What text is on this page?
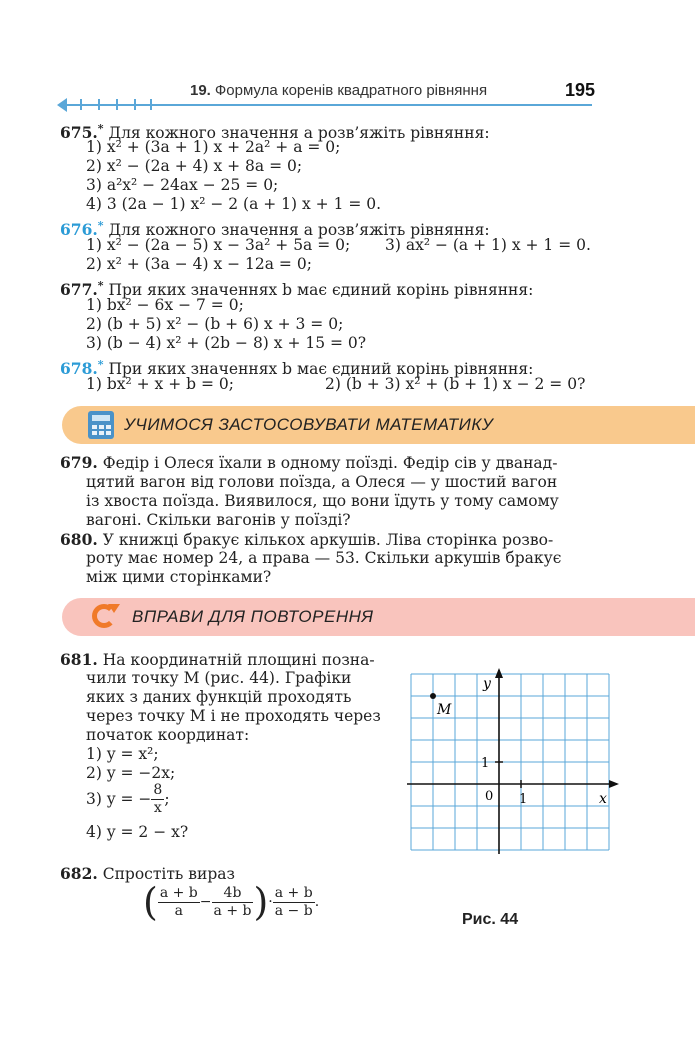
19. Формула коренів квадратного рівняння	195
675.* Для кожного значення a розв’яжіть рівняння:
1) x² + (3a + 1) x + 2a² + a = 0;
2) x² − (2a + 4) x + 8a = 0;
3) a²x² − 24ax − 25 = 0;
4) 3 (2a − 1) x² − 2 (a + 1) x + 1 = 0.
676.* Для кожного значення a розв’яжіть рівняння:
1) x² − (2a − 5) x − 3a² + 5a = 0; 3) ax² − (a + 1) x + 1 = 0.
2) x² + (3a − 4) x − 12a = 0;
677.* При яких значеннях b має єдиний корінь рівняння:
1) bx² − 6x − 7 = 0;
2) (b + 5) x² − (b + 6) x + 3 = 0;
3) (b − 4) x² + (2b − 8) x + 15 = 0?
678.* При яких значеннях b має єдиний корінь рівняння:
1) bx² + x + b = 0;	2) (b + 3) x² + (b + 1) x − 2 = 0?
УЧИМОСЯ ЗАСТОСОВУВАТИ МАТЕМАТИКУ
679. Федір і Олеся їхали в одному поїзді. Федір сів у дванад-
цятий вагон від голови поїзда, а Олеся — у шостий вагон
із хвоста поїзда. Виявилося, що вони їдуть у тому самому
вагоні. Скільки вагонів у поїзді?
680. У книжці бракує кількох аркушів. Ліва сторінка розво-
роту має номер 24, а права — 53. Скільки аркушів бракує
між цими сторінками?
ВПРАВИ ДЛЯ ПОВТОРЕННЯ
681. На координатній площині позна-
чили точку M (рис. 44). Графіки
яких з даних функцій проходять
через точку M і не проходять через
початок координат:
1) y = x²;
2) y = −2x;
3) y = − $\frac{8}{x}$ ;
4) y = 2 − x?
682. Спростіть вираз
( $\frac{a + b}{a} - \frac{4b}{a + b}$ )· $\frac{a + b}{a - b}$ .
x
y
0 1
1
M
Рис. 44
